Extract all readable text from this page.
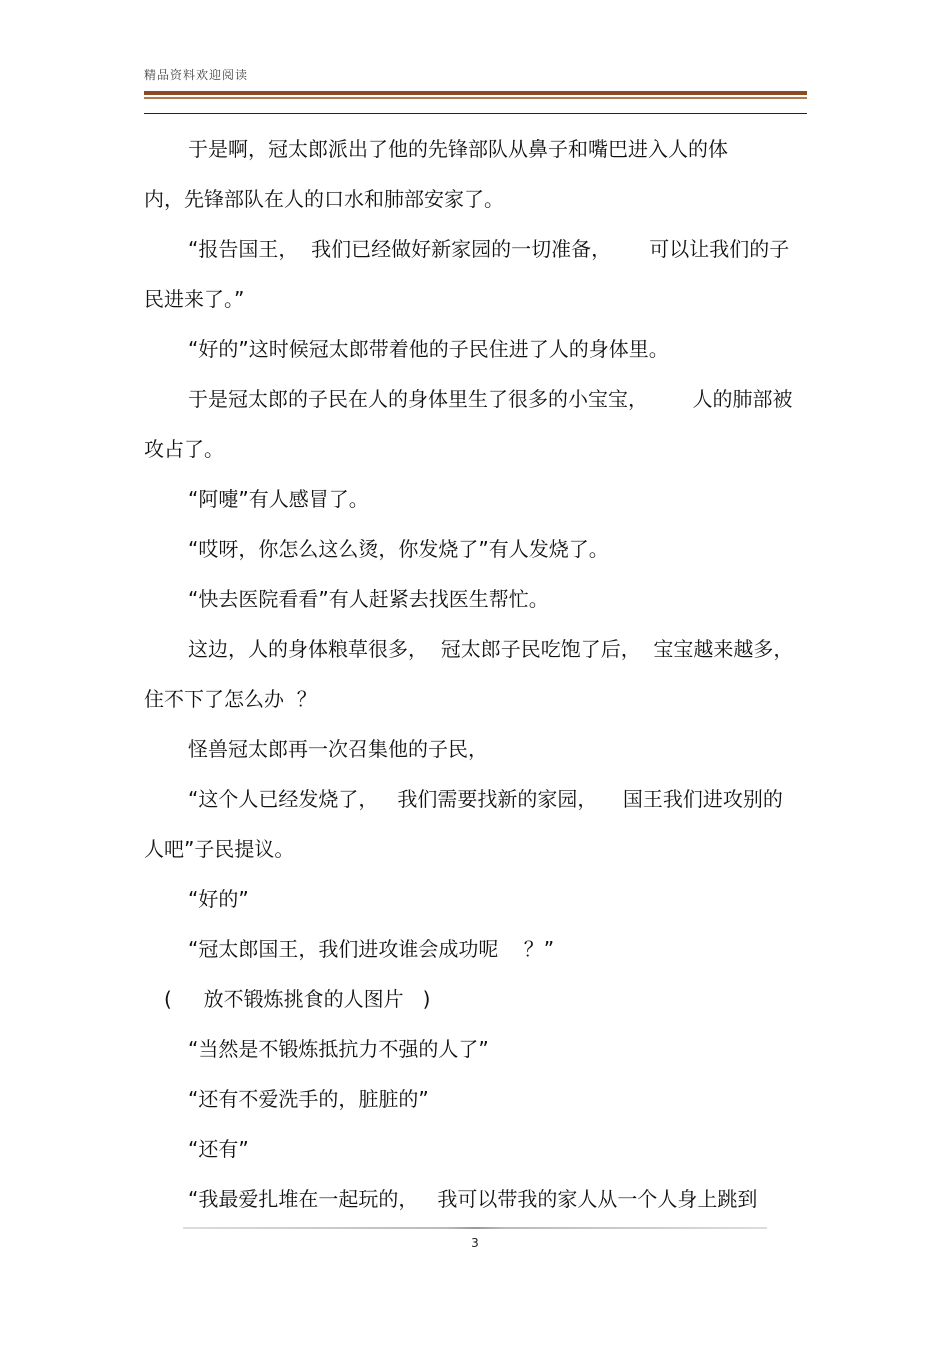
精品资料欢迎阅读
于是啊，冠太郎派出了他的先锋部队从鼻子和嘴巴进入人的体
内，先锋部队在人的口水和肺部安家了。
“报告国王，  我们已经做好新家园的一切准备，      可以让我们的子
民进来了。”
“好的”这时候冠太郎带着他的子民住进了人的身体里。
于是冠太郎的子民在人的身体里生了很多的小宝宝，       人的肺部被
攻占了。
“阿嚏”有人感冒了。
“哎呀，你怎么这么烫，你发烧了”有人发烧了。
“快去医院看看”有人赶紧去找医生帮忙。
这边，人的身体粮草很多，  冠太郎子民吃饱了后，  宝宝越来越多，
住不下了怎么办  ？
怪兽冠太郎再一次召集他的子民，
“这个人已经发烧了，   我们需要找新的家园，    国王我们进攻别的
人吧”子民提议。
“好的”
“冠太郎国王，我们进攻谁会成功呢    ？”
(     放不锻炼挑食的人图片   )
“当然是不锻炼抵抗力不强的人了”
“还有不爱洗手的，脏脏的”
“还有”
“我最爱扎堆在一起玩的，   我可以带我的家人从一个人身上跳到
3
